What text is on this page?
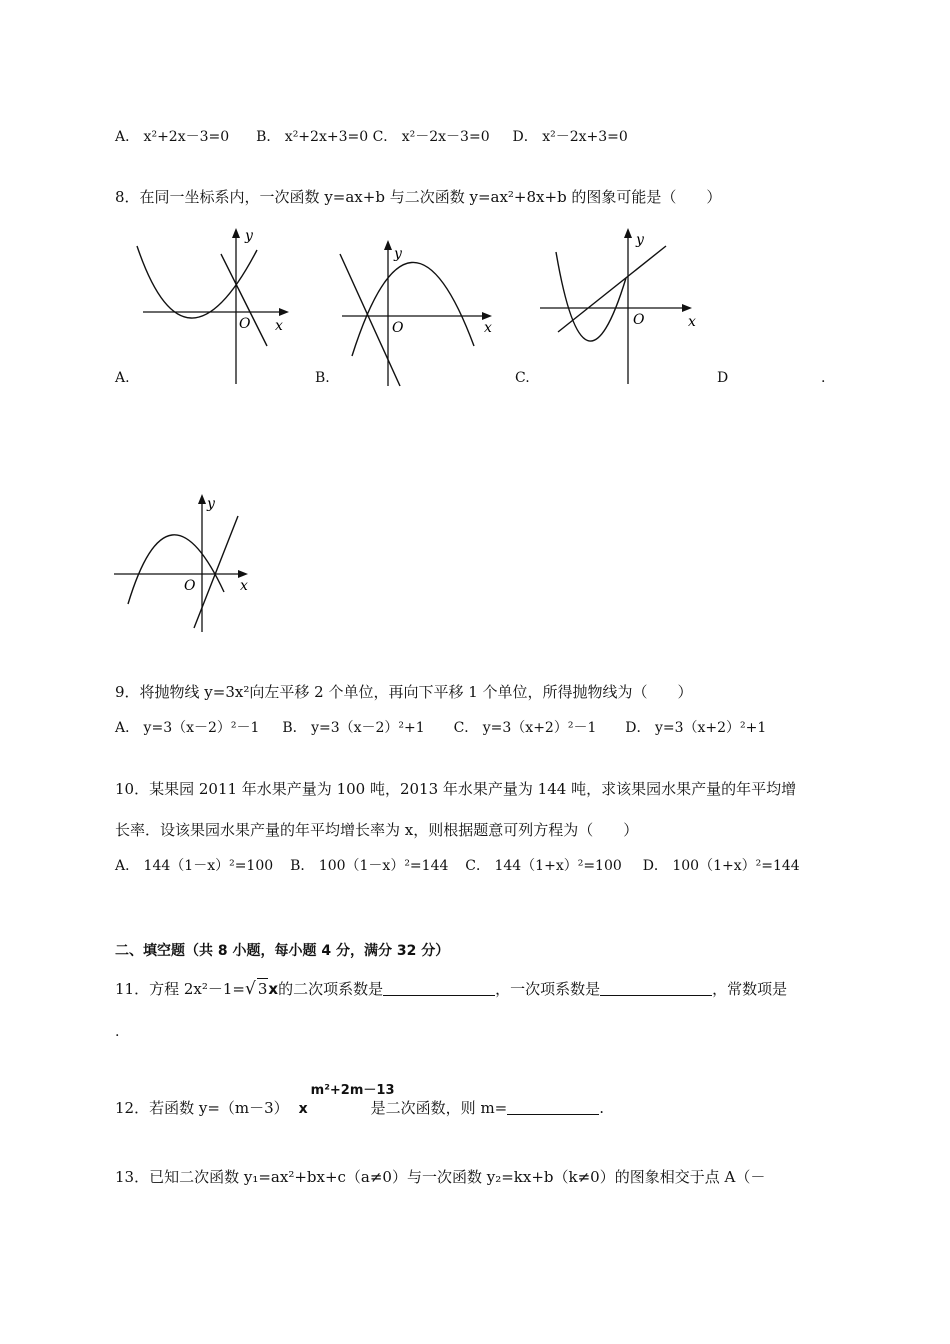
A． x²+2x－3=0 B． x²+2x+3=0 C． x²－2x－3=0 D． x²－2x+3=0
8．在同一坐标系内，一次函数 y=ax+b 与二次函数 y=ax²+8x+b 的图象可能是（　　）
y
x
O
y
x
O
y
x
O
A.	B.	C.	D	.
y
x
O
9．将抛物线 y=3x²向左平移 2 个单位，再向下平移 1 个单位，所得抛物线为（　　）
A． y=3（x－2）²－1 B． y=3（x－2）²+1 C． y=3（x+2）²－1 D． y=3（x+2）²+1
10．某果园 2011 年水果产量为 100 吨，2013 年水果产量为 144 吨，求该果园水果产量的年平均增
长率．设该果园水果产量的年平均增长率为 x，则根据题意可列方程为（　　）
A． 144（1－x）²=100 B． 100（1－x）²=144 C． 144（1+x）²=100 D． 100（1+x）²=144
二、填空题（共 8 小题，每小题 4 分，满分 32 分）
11．方程 2x²－1=√ 3x的二次项系数是	，一次项系数是	，常数项是
.
12．若函数 y=（m－3） x
m²+2m－13
是二次函数，则 m=	.
13．已知二次函数 y₁=ax²+bx+c（a≠0）与一次函数 y₂=kx+b（k≠0）的图象相交于点 A（－
